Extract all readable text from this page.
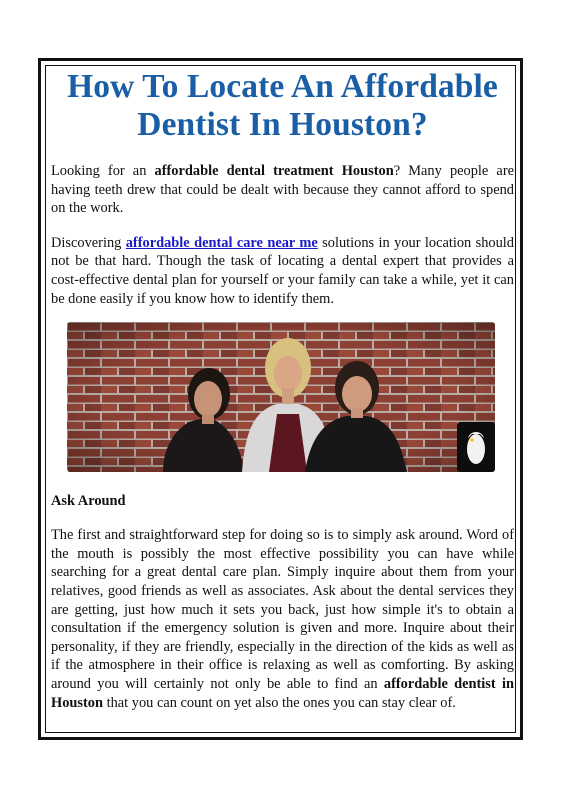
How To Locate An Affordable Dentist In Houston?

Looking for an affordable dental treatment Houston? Many people are having teeth drew that could be dealt with because they cannot afford to spend on the work.

Discovering affordable dental care near me solutions in your location should not be that hard. Though the task of locating a dental expert that provides a cost-effective dental plan for yourself or your family can take a while, yet it can be done easily if you know how to identify them.

Ask Around

The first and straightforward step for doing so is to simply ask around. Word of the mouth is possibly the most effective possibility you can have while searching for a great dental care plan. Simply inquire about them from your relatives, good friends as well as associates. Ask about the dental services they are getting, just how much it sets you back, just how simple it's to obtain a consultation if the emergency solution is given and more. Inquire about their personality, if they are friendly, especially in the direction of the kids as well as if the atmosphere in their office is relaxing as well as comforting. By asking around you will certainly not only be able to find an affordable dentist in Houston that you can count on yet also the ones you can stay clear of.
